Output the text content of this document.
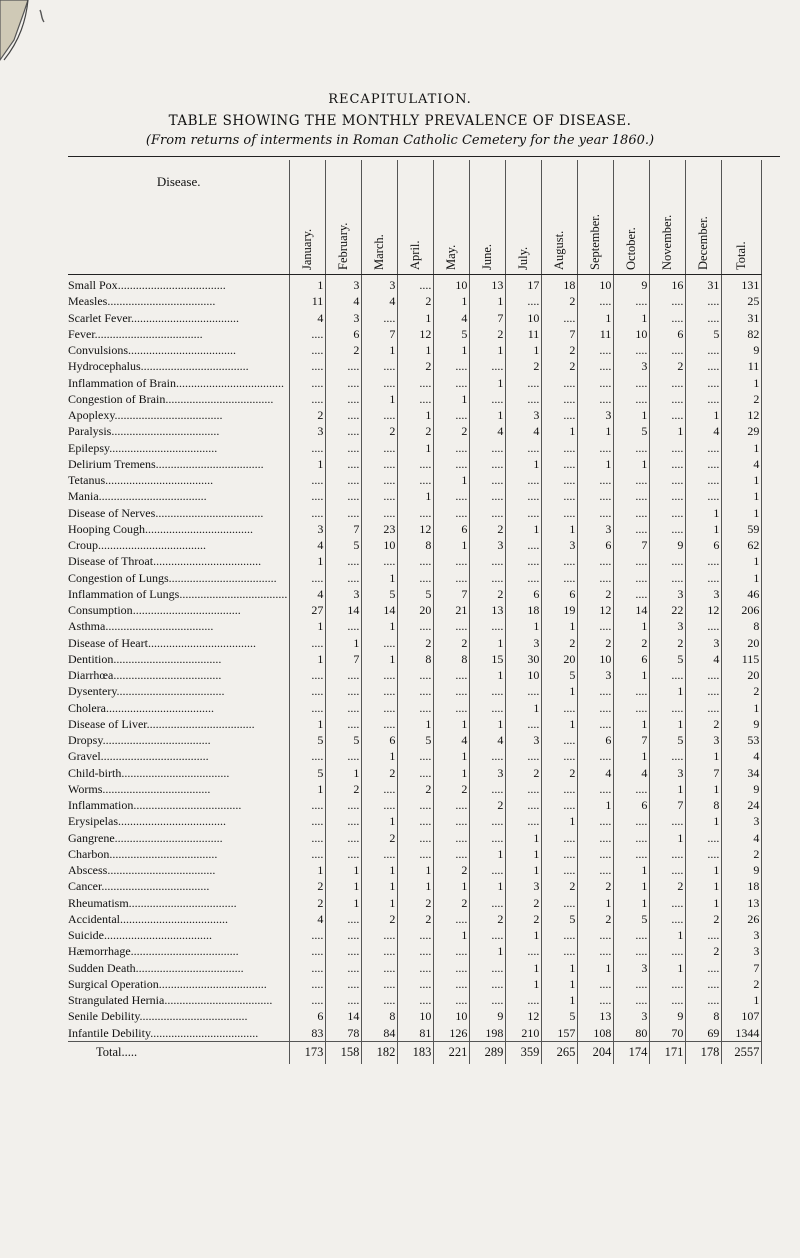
RECAPITULATION.
TABLE SHOWING THE MONTHLY PREVALENCE OF DISEASE.
(From returns of interments in Roman Catholic Cemetery for the year 1860.)
Disease.	January.	February.	March.	April.	May.	June.	July.	August.	September.	October.	November.	December.	Total.

Small Pox....................................	1	3	3	....	10	13	17	18	10	9	16	31	131
Measles....................................	11	4	4	2	1	1	....	2	....	....	....	....	25
Scarlet Fever....................................	4	3	....	1	4	7	10	....	1	1	....	....	31
Fever....................................	....	6	7	12	5	2	11	7	11	10	6	5	82
Convulsions....................................	....	2	1	1	1	1	1	2	....	....	....	....	9
Hydrocephalus....................................	....	....	....	2	....	....	2	2	....	3	2	....	11
Inflammation of Brain....................................	....	....	....	....	....	1	....	....	....	....	....	....	1
Congestion of Brain....................................	....	....	1	....	1	....	....	....	....	....	....	....	2
Apoplexy....................................	2	....	....	1	....	1	3	....	3	1	....	1	12
Paralysis....................................	3	....	2	2	2	4	4	1	1	5	1	4	29
Epilepsy....................................	....	....	....	1	....	....	....	....	....	....	....	....	1
Delirium Tremens....................................	1	....	....	....	....	....	1	....	1	1	....	....	4
Tetanus....................................	....	....	....	....	1	....	....	....	....	....	....	....	1
Mania....................................	....	....	....	1	....	....	....	....	....	....	....	....	1
Disease of Nerves....................................	....	....	....	....	....	....	....	....	....	....	....	1	1
Hooping Cough....................................	3	7	23	12	6	2	1	1	3	....	....	1	59
Croup....................................	4	5	10	8	1	3	....	3	6	7	9	6	62
Disease of Throat....................................	1	....	....	....	....	....	....	....	....	....	....	....	1
Congestion of Lungs....................................	....	....	1	....	....	....	....	....	....	....	....	....	1
Inflammation of Lungs....................................	4	3	5	5	7	2	6	6	2	....	3	3	46
Consumption....................................	27	14	14	20	21	13	18	19	12	14	22	12	206
Asthma....................................	1	....	1	....	....	....	1	1	....	1	3	....	8
Disease of Heart....................................	....	1	....	2	2	1	3	2	2	2	2	3	20
Dentition....................................	1	7	1	8	8	15	30	20	10	6	5	4	115
Diarrhœa....................................	....	....	....	....	....	1	10	5	3	1	....	....	20
Dysentery....................................	....	....	....	....	....	....	....	1	....	....	1	....	2
Cholera....................................	....	....	....	....	....	....	1	....	....	....	....	....	1
Disease of Liver....................................	1	....	....	1	1	1	....	1	....	1	1	2	9
Dropsy....................................	5	5	6	5	4	4	3	....	6	7	5	3	53
Gravel....................................	....	....	1	....	1	....	....	....	....	1	....	1	4
Child-birth....................................	5	1	2	....	1	3	2	2	4	4	3	7	34
Worms....................................	1	2	....	2	2	....	....	....	....	....	1	1	9
Inflammation....................................	....	....	....	....	....	2	....	....	1	6	7	8	24
Erysipelas....................................	....	....	1	....	....	....	....	1	....	....	....	1	3
Gangrene....................................	....	....	2	....	....	....	1	....	....	....	1	....	4
Charbon....................................	....	....	....	....	....	1	1	....	....	....	....	....	2
Abscess....................................	1	1	1	1	2	....	1	....	....	1	....	1	9
Cancer....................................	2	1	1	1	1	1	3	2	2	1	2	1	18
Rheumatism....................................	2	1	1	2	2	....	2	....	1	1	....	1	13
Accidental....................................	4	....	2	2	....	2	2	5	2	5	....	2	26
Suicide....................................	....	....	....	....	1	....	1	....	....	....	1	....	3
Hæmorrhage....................................	....	....	....	....	....	1	....	....	....	....	....	2	3
Sudden Death....................................	....	....	....	....	....	....	1	1	1	3	1	....	7
Surgical Operation....................................	....	....	....	....	....	....	1	1	....	....	....	....	2
Strangulated Hernia....................................	....	....	....	....	....	....	....	1	....	....	....	....	1
Senile Debility....................................	6	14	8	10	10	9	12	5	13	3	9	8	107
Infantile Debility....................................	83	78	84	81	126	198	210	157	108	80	70	69	1344
Total.....	173	158	182	183	221	289	359	265	204	174	171	178	2557
